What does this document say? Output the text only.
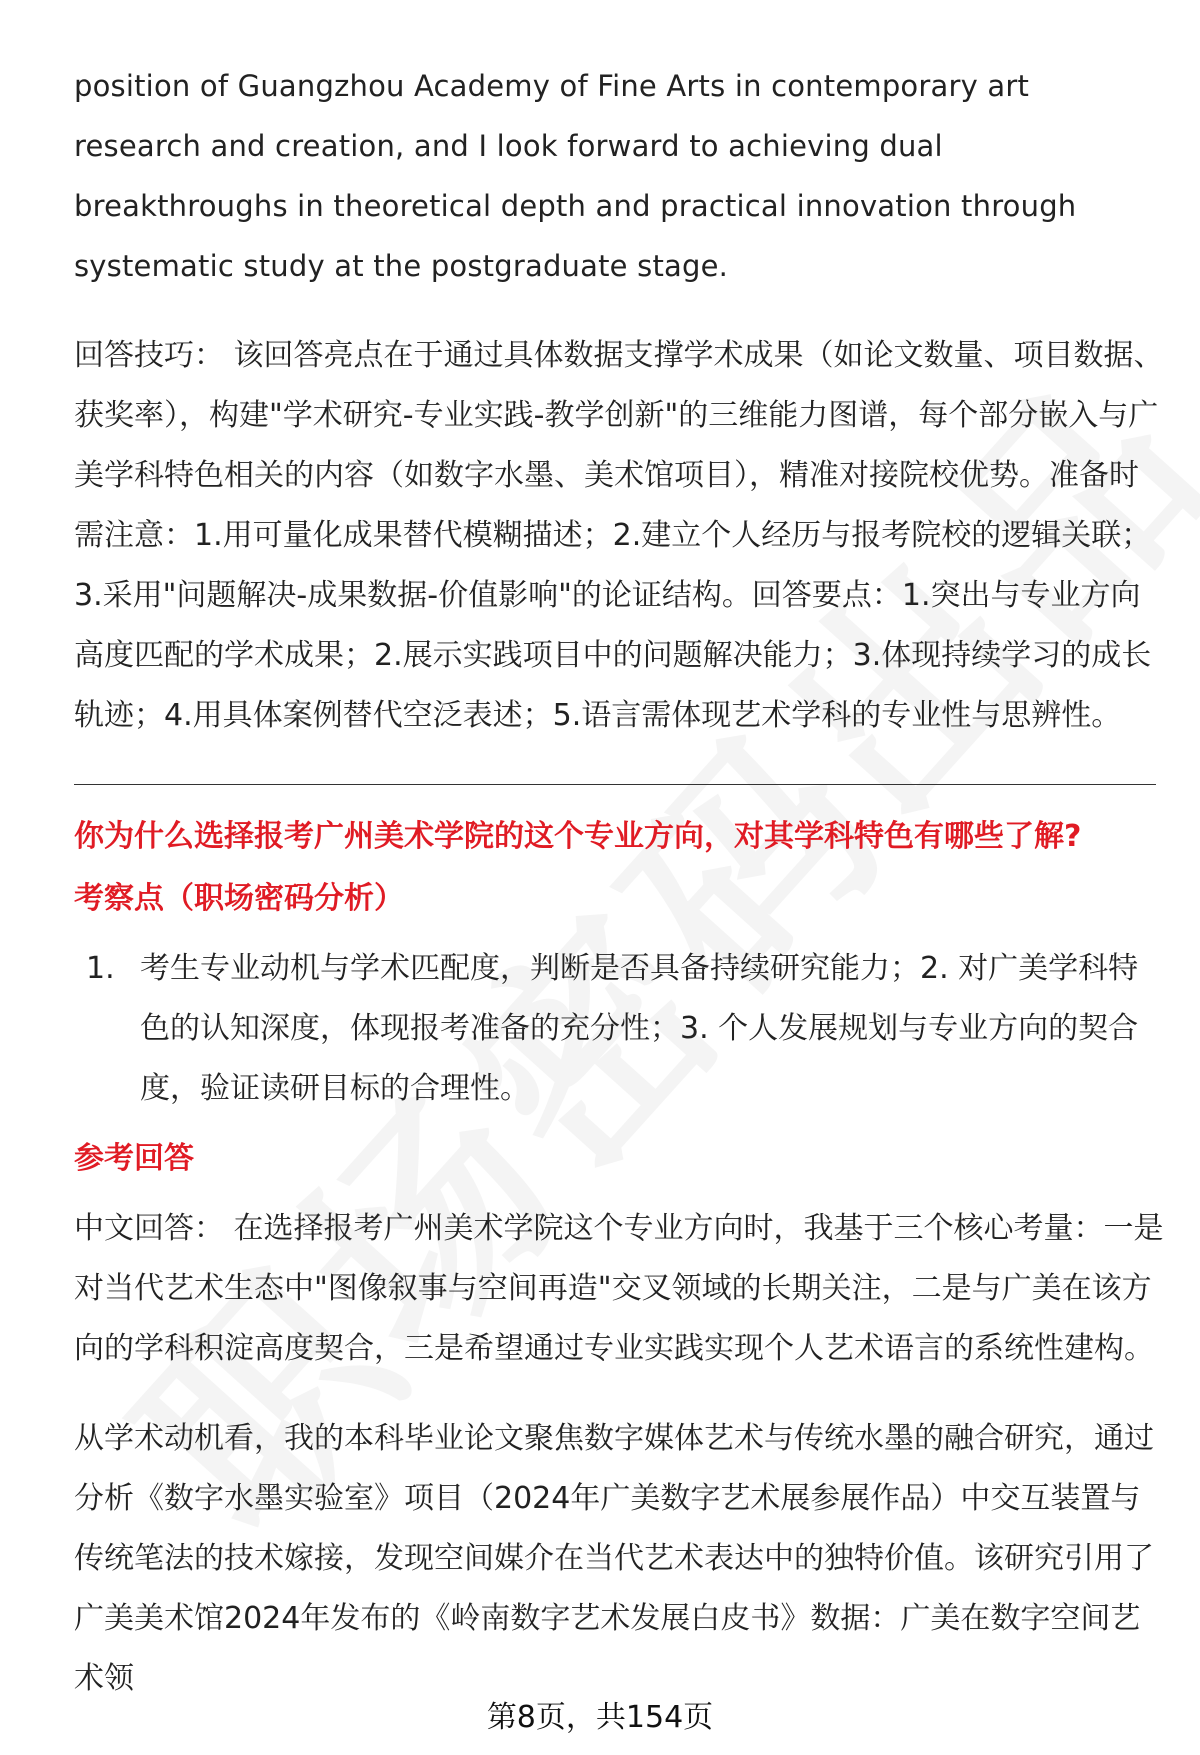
position of Guangzhou Academy of Fine Arts in contemporary art research and creation, and I look forward to achieving dual breakthroughs in theoretical depth and practical innovation through systematic study at the postgraduate stage.

回答技巧： 该回答亮点在于通过具体数据支撑学术成果（如论文数量、项目数据、获奖率），构建"学术研究-专业实践-教学创新"的三维能力图谱，每个部分嵌入与广美学科特色相关的内容（如数字水墨、美术馆项目），精准对接院校优势。准备时需注意：1.用可量化成果替代模糊描述；2.建立个人经历与报考院校的逻辑关联；3.采用"问题解决-成果数据-价值影响"的论证结构。回答要点：1.突出与专业方向高度匹配的学术成果；2.展示实践项目中的问题解决能力；3.体现持续学习的成长轨迹；4.用具体案例替代空泛表述；5.语言需体现艺术学科的专业性与思辨性。

你为什么选择报考广州美术学院的这个专业方向，对其学科特色有哪些了解?

考察点（职场密码分析）

1. 考生专业动机与学术匹配度，判断是否具备持续研究能力；2. 对广美学科特色的认知深度，体现报考准备的充分性；3. 个人发展规划与专业方向的契合度，验证读研目标的合理性。

参考回答

中文回答： 在选择报考广州美术学院这个专业方向时，我基于三个核心考量：一是对当代艺术生态中"图像叙事与空间再造"交叉领域的长期关注，二是与广美在该方向的学科积淀高度契合，三是希望通过专业实践实现个人艺术语言的系统性建构。

从学术动机看，我的本科毕业论文聚焦数字媒体艺术与传统水墨的融合研究，通过分析《数字水墨实验室》项目（2024年广美数字艺术展参展作品）中交互装置与传统笔法的技术嫁接，发现空间媒介在当代艺术表达中的独特价值。该研究引用了广美美术馆2024年发布的《岭南数字艺术发展白皮书》数据：广美在数字空间艺术领

第8页，共154页
